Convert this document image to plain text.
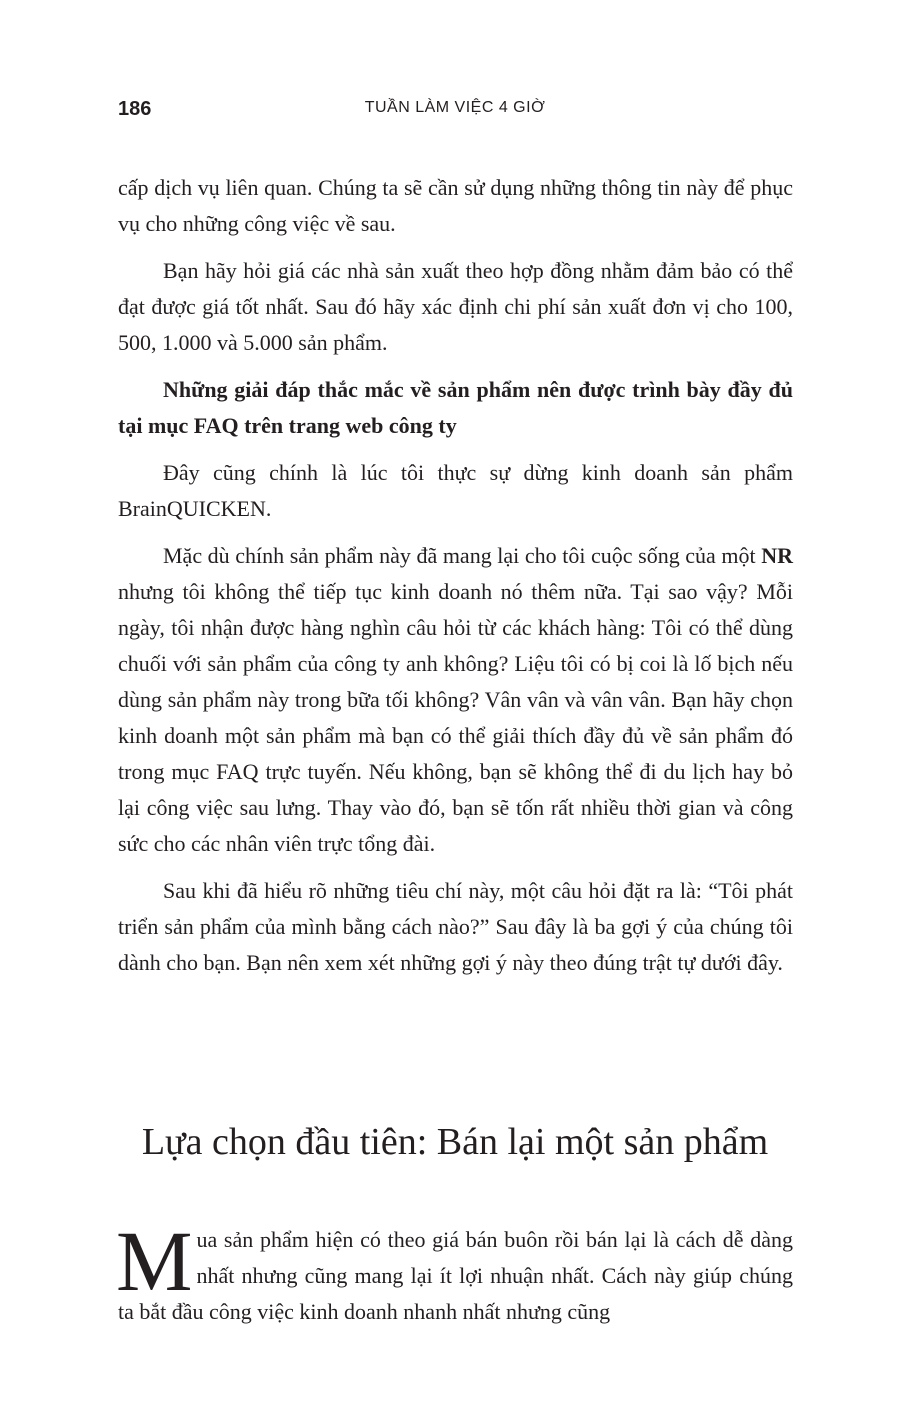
186	TUẦN LÀM VIỆC 4 GIỜ

cấp dịch vụ liên quan. Chúng ta sẽ cần sử dụng những thông tin này để phục vụ cho những công việc về sau.

Bạn hãy hỏi giá các nhà sản xuất theo hợp đồng nhằm đảm bảo có thể đạt được giá tốt nhất. Sau đó hãy xác định chi phí sản xuất đơn vị cho 100, 500, 1.000 và 5.000 sản phẩm.

Những giải đáp thắc mắc về sản phẩm nên được trình bày đầy đủ tại mục FAQ trên trang web công ty

Đây cũng chính là lúc tôi thực sự dừng kinh doanh sản phẩm BrainQUICKEN.

Mặc dù chính sản phẩm này đã mang lại cho tôi cuộc sống của một NR nhưng tôi không thể tiếp tục kinh doanh nó thêm nữa. Tại sao vậy? Mỗi ngày, tôi nhận được hàng nghìn câu hỏi từ các khách hàng: Tôi có thể dùng chuối với sản phẩm của công ty anh không? Liệu tôi có bị coi là lố bịch nếu dùng sản phẩm này trong bữa tối không? Vân vân và vân vân. Bạn hãy chọn kinh doanh một sản phẩm mà bạn có thể giải thích đầy đủ về sản phẩm đó trong mục FAQ trực tuyến. Nếu không, bạn sẽ không thể đi du lịch hay bỏ lại công việc sau lưng. Thay vào đó, bạn sẽ tốn rất nhiều thời gian và công sức cho các nhân viên trực tổng đài.

Sau khi đã hiểu rõ những tiêu chí này, một câu hỏi đặt ra là: “Tôi phát triển sản phẩm của mình bằng cách nào?” Sau đây là ba gợi ý của chúng tôi dành cho bạn. Bạn nên xem xét những gợi ý này theo đúng trật tự dưới đây.

Lựa chọn đầu tiên: Bán lại một sản phẩm

Mua sản phẩm hiện có theo giá bán buôn rồi bán lại là cách dễ dàng nhất nhưng cũng mang lại ít lợi nhuận nhất. Cách này giúp chúng ta bắt đầu công việc kinh doanh nhanh nhất nhưng cũng
